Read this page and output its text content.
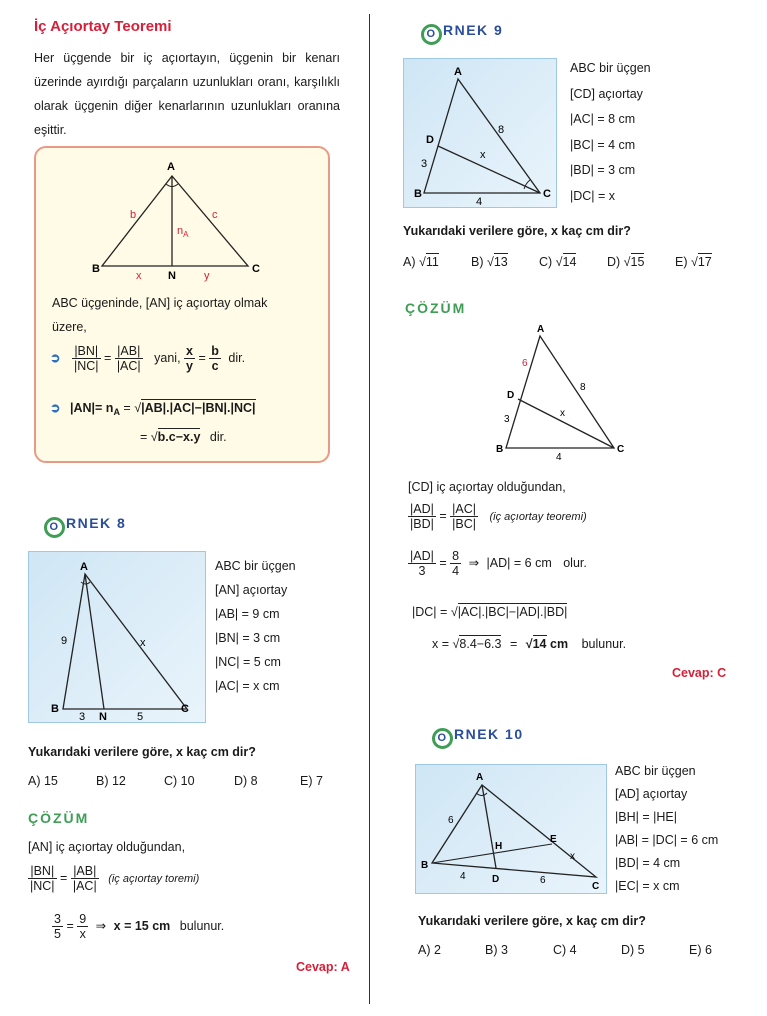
İç Açıortay Teoremi
Her üçgende bir iç açıortayın, üçgenin bir kenarı üzerinde ayırdığı parçaların uzunlukları oranı, karşılıklı olarak üçgenin diğer kenarlarının uzunlukları oranına eşittir.
A
B	C
N
b	c
$n_A$
x	y
ABC üçgeninde, [AN] iç açıortay olmak
üzere,
➲ $\frac{|BN|}{|NC|} = \frac{|AB|}{|AC|}$ yani, $\frac{x}{y} = \frac{b}{c}$ dir.
➲ $|AN|= n_A = √|AB|.|AC|-|BN|.|NC|$
= √b.c−x.y dir.
O RNEK 8
A
B	C
N
9	x
3	5
ABC bir üçgen
[AN] açıortay
|AB| = 9 cm
|BN| = 3 cm
|NC| = 5 cm
|AC| = x cm
Yukarıdaki verilere göre, x kaç cm dir?
A) 15	B) 12	C) 10	D) 8	E) 7
ÇÖZÜM
[AN] iç açıortay olduğundan,
$\frac{|BN|}{|NC|} = \frac{|AB|}{|AC|}$ (iç açıortay toremi)
$\frac{3}{5} = \frac{9}{x}$ ⇒ x = 15 cm bulunur.
Cevap: A
O RNEK 9
A
B	C
D
8
3
4
x
ABC bir üçgen
[CD] açıortay
|AC| = 8 cm
|BC| = 4 cm
|BD| = 3 cm
|DC| = x
Yukarıdaki verilere göre, x kaç cm dir?
A) √11	B) √13	C) √14 D) √15 E) √17
ÇÖZÜM
A
B	C
D
6
8
3
4
x
[CD] iç açıortay olduğundan,
$\frac{|AD|}{|BD|} = \frac{|AC|}{|BC|}$ (iç açıortay teoremi)
$\frac{|AD|}{3} = \frac{8}{4}$ ⇒ |AD| = 6 cm olur.
|DC| = √|AC|.|BC|−|AD|.|BD|
x = √8.4−6.3 = √14 cm bulunur.
Cevap: C
O RNEK 10
A
B
C
D
E
H
6
4	6
x
ABC bir üçgen
[AD] açıortay
|BH| = |HE|
|AB| = |DC| = 6 cm
|BD| = 4 cm
|EC| = x cm
Yukarıdaki verilere göre, x kaç cm dir?
A) 2	B) 3	C) 4	D) 5	E) 6
